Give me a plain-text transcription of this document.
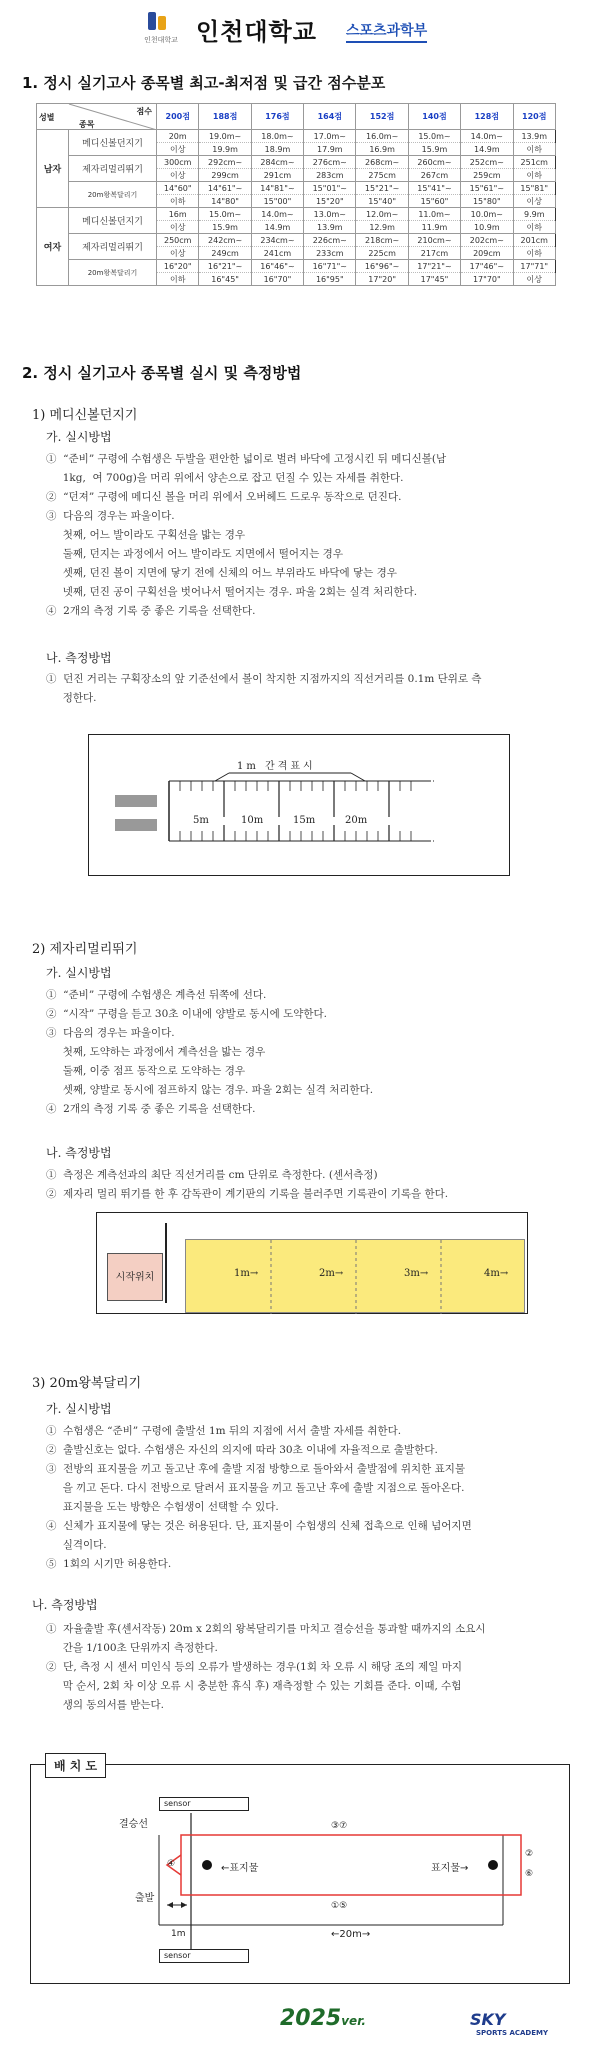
인천대학교 인천대학교 스포츠과학부
1. 정시 실기고사 종목별 최고-최저점 및 급간 점수분포
성별
점수
종목		200점	188점	176점	164점	152점	140점	128점	120점
남자	메디신볼던지기	20m	19.0m~	18.0m~	17.0m~	16.0m~	15.0m~	14.0m~	13.9m
		이상	19.9m	18.9m	17.9m	16.9m	15.9m	14.9m	이하
	제자리멀리뛰기	300cm	292cm~	284cm~	276cm~	268cm~	260cm~	252cm~	251cm
		이상	299cm	291cm	283cm	275cm	267cm	259cm	이하
	20m왕복달리기	14"60"	14"61"~	14"81"~	15"01"~	15"21"~	15"41"~	15"61"~	15"81"
		이하	14"80"	15"00"	15"20"	15"40"	15"60"	15"80"	이상
여자	메디신볼던지기	16m	15.0m~	14.0m~	13.0m~	12.0m~	11.0m~	10.0m~	9.9m
		이상	15.9m	14.9m	13.9m	12.9m	11.9m	10.9m	이하
	제자리멀리뛰기	250cm	242cm~	234cm~	226cm~	218cm~	210cm~	202cm~	201cm
		이상	249cm	241cm	233cm	225cm	217cm	209cm	이하
	20m왕복달리기	16"20"	16"21"~	16"46"~	16"71"~	16"96"~	17"21"~	17"46"~	17"71"
		이하	16"45"	16"70"	16"95"	17"20"	17"45"	17"70"	이상
2. 정시 실기고사 종목별 실시 및 측정방법
1) 메디신볼던지기
가. 실시방법
①  “준비” 구령에 수험생은 두발을 편안한 넓이로 벌려 바닥에 고정시킨 뒤 메디신볼(남
1kg,  여 700g)을 머리 위에서 양손으로 잡고 던질 수 있는 자세를 취한다.
②  “던져” 구령에 메디신 볼을 머리 위에서 오버헤드 드로우 동작으로 던진다.
③  다음의 경우는 파울이다.
첫째, 어느 발이라도 구획선을 밟는 경우
둘째, 던지는 과정에서 어느 발이라도 지면에서 떨어지는 경우
셋째, 던진 볼이 지면에 닿기 전에 신체의 어느 부위라도 바닥에 닿는 경우
넷째, 던진 공이 구획선을 벗어나서 떨어지는 경우. 파울 2회는 실격 처리한다.
④  2개의 측정 기록 중 좋은 기록을 선택한다.
나. 측정방법
①  던진 거리는 구획장소의 앞 기준선에서 볼이 착지한 지점까지의 직선거리를 0.1m 단위로 측
정한다.
1m 간격표시
5m	10m	15m	20m
2) 제자리멀리뛰기
가. 실시방법
①  “준비” 구령에 수험생은 계측선 뒤쪽에 선다.
②  “시작” 구령을 듣고 30초 이내에 양발로 동시에 도약한다.
③  다음의 경우는 파울이다.
첫째, 도약하는 과정에서 계측선을 밟는 경우
둘째, 이중 점프 동작으로 도약하는 경우
셋째, 양발로 동시에 점프하지 않는 경우. 파울 2회는 실격 처리한다.
④  2개의 측정 기록 중 좋은 기록을 선택한다.
나. 측정방법
①  측정은 계측선과의 최단 직선거리를 cm 단위로 측정한다. (센서측정)
②  제자리 멀리 뛰기를 한 후 감독관이 계기판의 기록을 불러주면 기록관이 기록을 한다.
시작위치	1m→	2m→	3m→	4m→
3) 20m왕복달리기
가. 실시방법
①  수험생은 “준비” 구령에 출발선 1m 뒤의 지점에 서서 출발 자세를 취한다.
②  출발신호는 없다. 수험생은 자신의 의지에 따라 30초 이내에 자율적으로 출발한다.
③  전방의 표지물을 끼고 돌고난 후에 출발 지점 방향으로 돌아와서 출발점에 위치한 표지물
을 끼고 돈다. 다시 전방으로 달려서 표지물을 끼고 돌고난 후에 출발 지점으로 돌아온다.
표지물을 도는 방향은 수험생이 선택할 수 있다.
④  신체가 표지물에 닿는 것은 허용된다. 단, 표지물이 수험생의 신체 접촉으로 인해 넘어지면
실격이다.
⑤  1회의 시기만 허용한다.
나. 측정방법
①  자율출발 후(센서작동) 20m x 2회의 왕복달리기를 마치고 결승선을 통과할 때까지의 소요시
간을 1/100초 단위까지 측정한다.
②  단, 측정 시 센서 미인식 등의 오류가 발생하는 경우(1회 차 오류 시 해당 조의 제일 마지
막 순서, 2회 차 이상 오류 시 충분한 휴식 후) 재측정할 수 있는 기회를 준다. 이때, 수험
생의 동의서를 받는다.
배 치 도
sensor
sensor
결승선
출발
←표지물	표지물→
③⑦
①⑤
④
②
⑥
1m	←20m→
2025ver.	SKY
SPORTS ACADEMY
